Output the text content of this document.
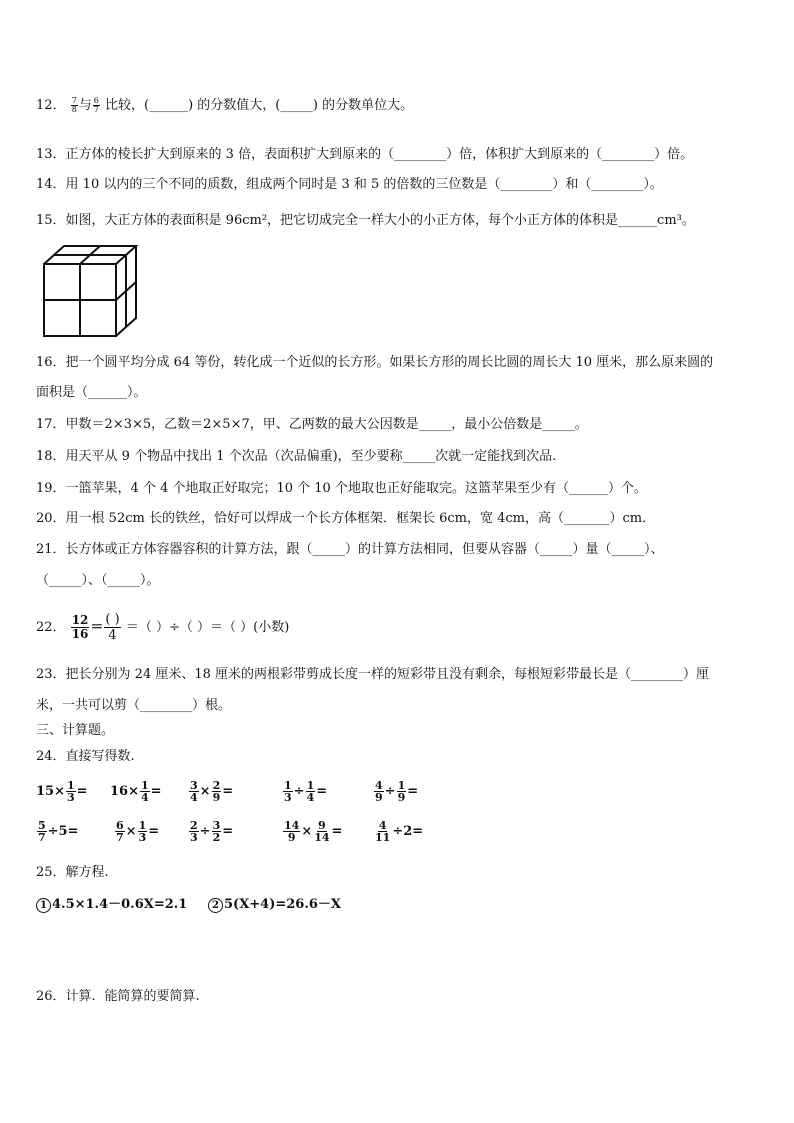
12． $\frac{7}{8}$ 与 $\frac{6}{7}$ 比较，(______) 的分数值大，(_____) 的分数单位大。
13．正方体的棱长扩大到原来的 3 倍，表面积扩大到原来的（________）倍，体积扩大到原来的（________）倍。
14．用 10 以内的三个不同的质数，组成两个同时是 3 和 5 的倍数的三位数是（________）和（________）。
15．如图，大正方体的表面积是 96cm²，把它切成完全一样大小的小正方体，每个小正方体的体积是______cm³。
16．把一个圆平均分成 64 等份，转化成一个近似的长方形。如果长方形的周长比圆的周长大 10 厘米，那么原来圆的
面积是（______）。
17．甲数＝2×3×5，乙数＝2×5×7，甲、乙两数的最大公因数是_____，最小公倍数是_____。
18．用天平从 9 个物品中找出 1 个次品（次品偏重)，至少要称_____次就一定能找到次品.
19．一篮苹果，4 个 4 个地取正好取完；10 个 10 个地取也正好能取完。这篮苹果至少有（______）个。
20．用一根 52cm 长的铁丝，恰好可以焊成一个长方体框架．框架长 6cm，宽 4cm，高（_______）cm．
21．长方体或正方体容器容积的计算方法，跟（_____）的计算方法相同，但要从容器（_____）量（_____）、
（_____）、（_____）。
22． $\frac{12}{16} = \frac{( )}{4}$ ＝（ ）÷（ ）＝（ ）(小数)
23．把长分别为 24 厘米、18 厘米的两根彩带剪成长度一样的短彩带且没有剩余，每根短彩带最长是（________）厘
米，一共可以剪（________）根。
三、计算题。
24．直接写得数.
$15\times \frac{1}{3} = 16\times \frac{1}{4} = \frac{3}{4} \times \frac{2}{9}$ =	$\frac{1}{3} \div \frac{1}{4}$ =	$\frac{4}{9} \div \frac{1}{9}$ =
$\frac{5}{7} \div 5=$	$\frac{6}{7} \times \frac{1}{3}$ =	$\frac{2}{3} \div \frac{3}{2}$ =	$\frac{14}{9} \times \frac{9}{14}$ =	$\frac{4}{11} \div 2=$
25．解方程.
1 4.5×1.4－0.6X=2.1	2 5(X+4)=26.6－X
26．计算．能简算的要简算.
